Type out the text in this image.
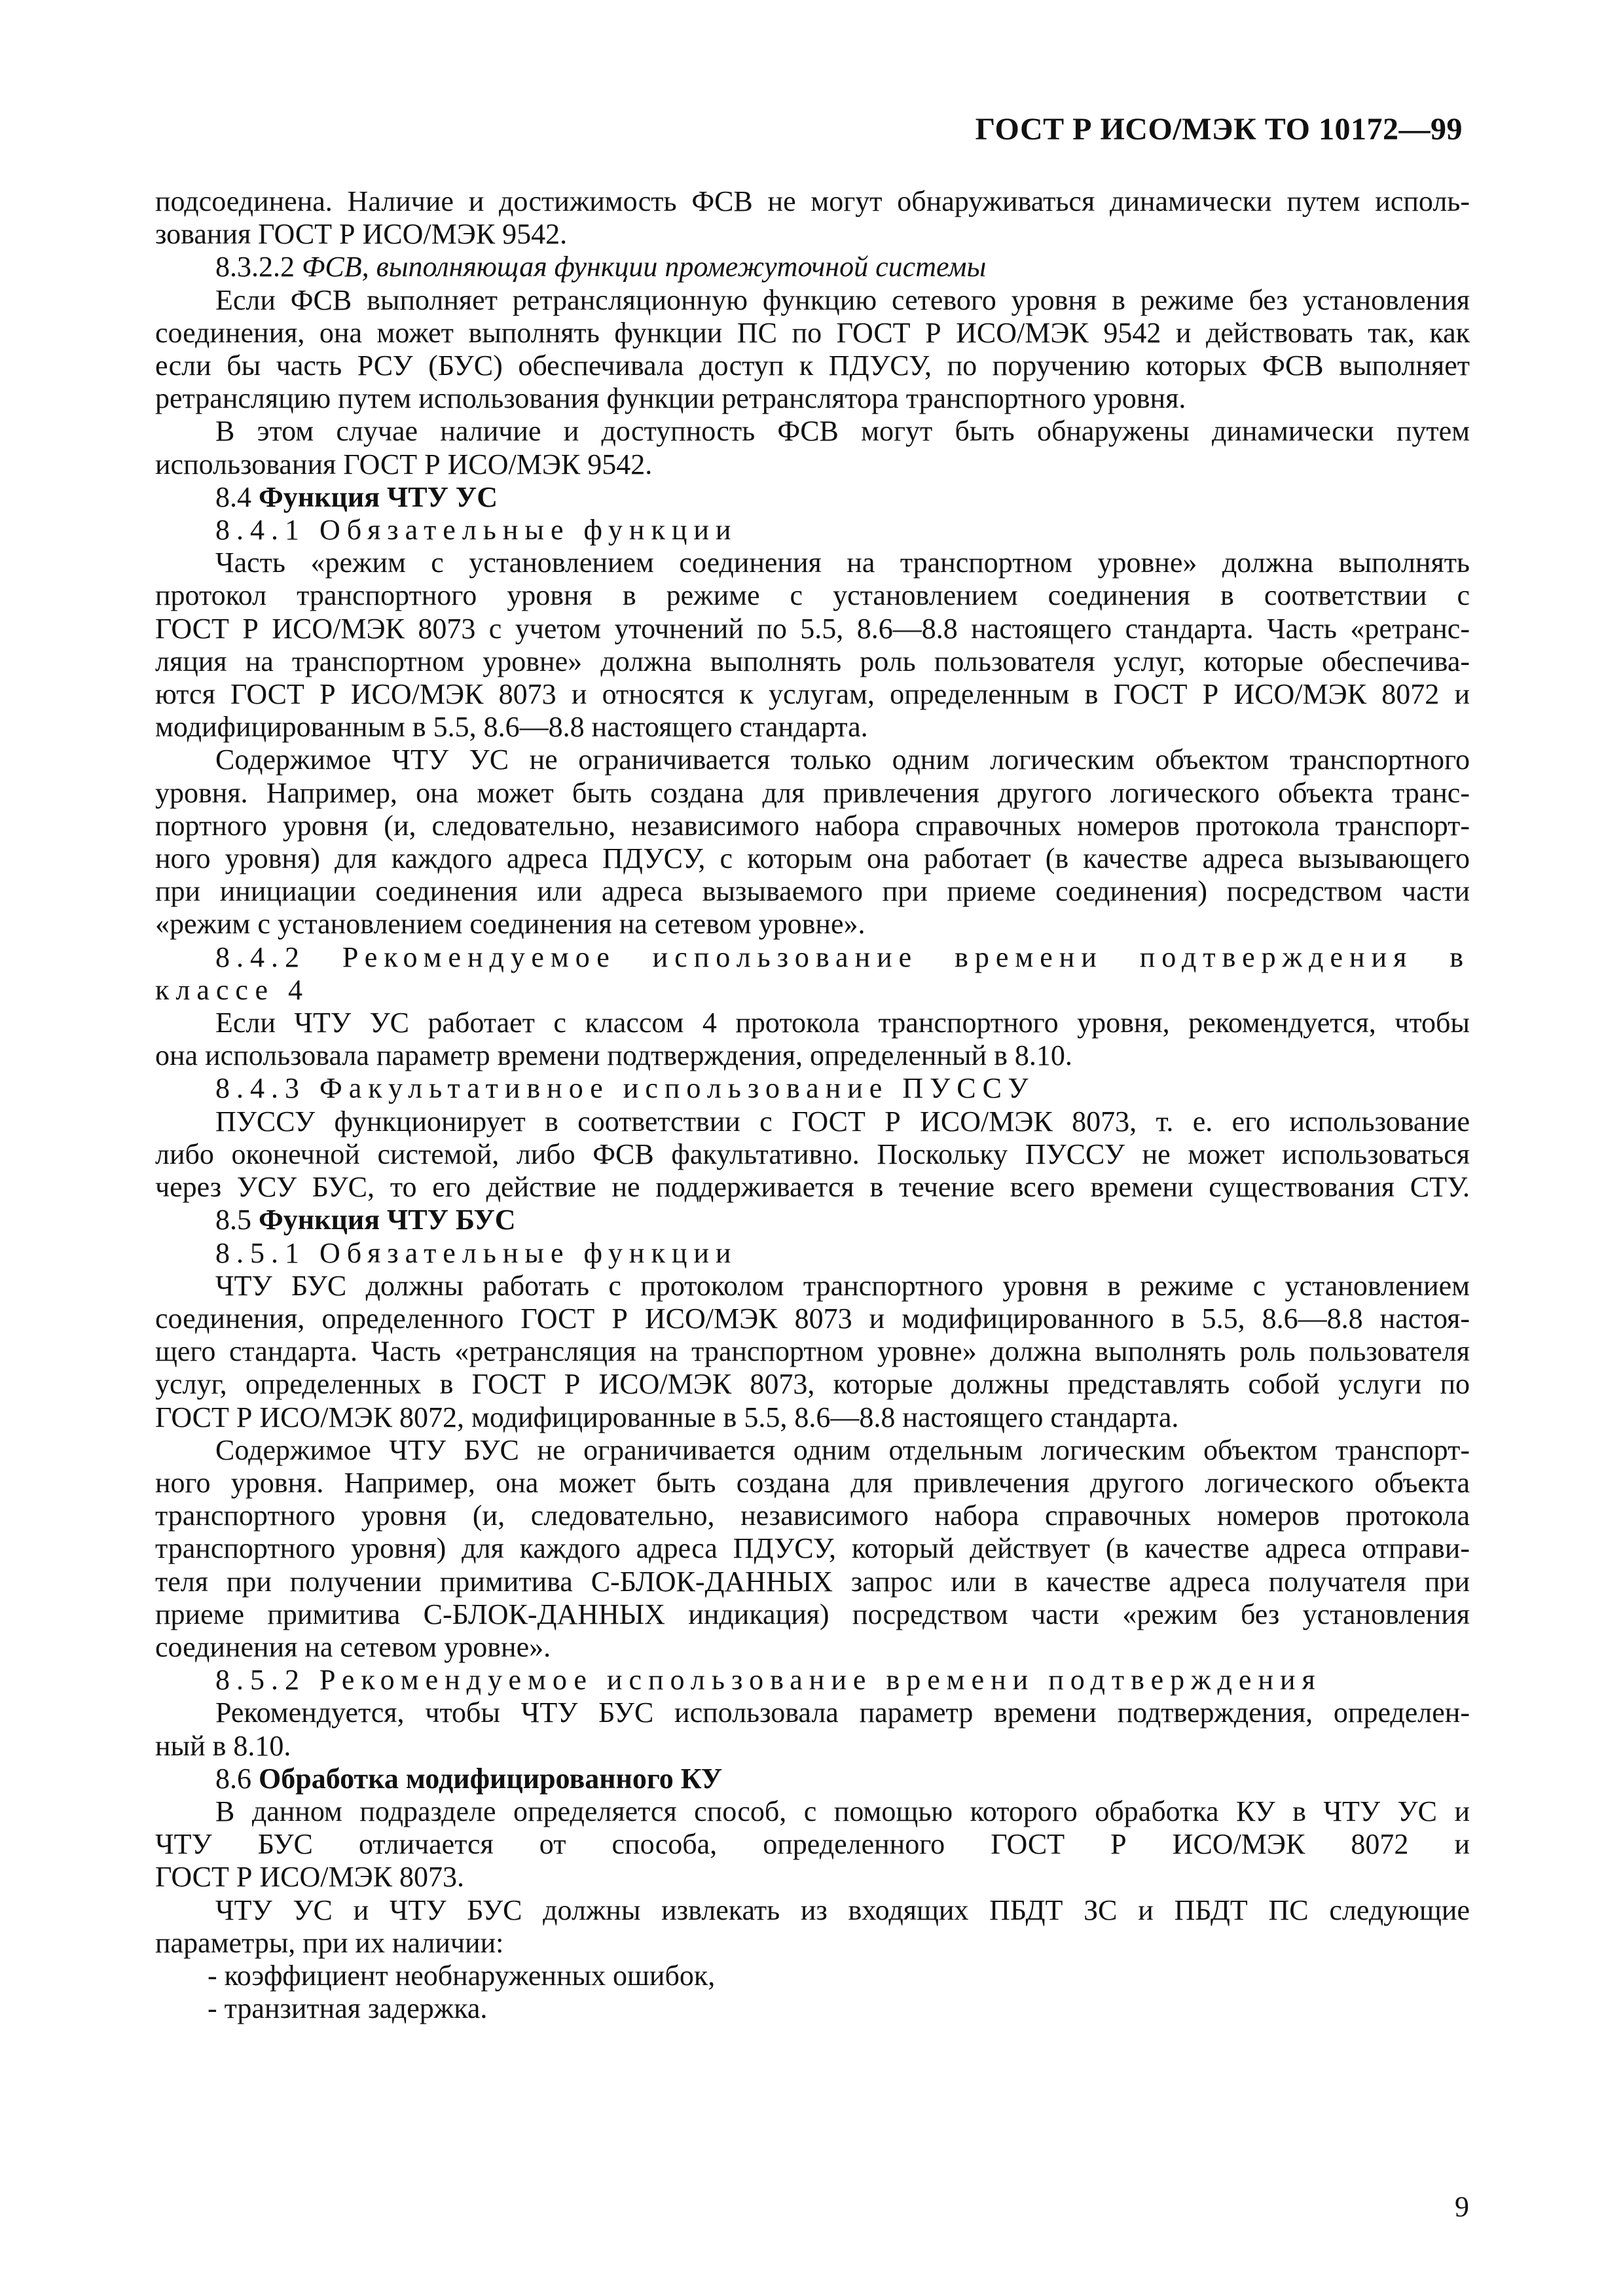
ГОСТ Р ИСО/МЭК ТО 10172—99

подсоединена. Наличие и достижимость ФСВ не могут обнаруживаться динамически путем исполь-

зования ГОСТ Р ИСО/МЭК 9542.

8.3.2.2 ФСВ, выполняющая функции промежуточной системы

Если ФСВ выполняет ретрансляционную функцию сетевого уровня в режиме без установления

соединения, она может выполнять функции ПС по ГОСТ Р ИСО/МЭК 9542 и действовать так, как

если бы часть РСУ (БУС) обеспечивала доступ к ПДУСУ, по поручению которых ФСВ выполняет

ретрансляцию путем использования функции ретранслятора транспортного уровня.

В этом случае наличие и доступность ФСВ могут быть обнаружены динамически путем

использования ГОСТ Р ИСО/МЭК 9542.

8.4 Функция ЧТУ УС

8.4.1 Обязательные функции

Часть «режим с установлением соединения на транспортном уровне» должна выполнять

протокол транспортного уровня в режиме с установлением соединения в соответствии с

ГОСТ Р ИСО/МЭК 8073 с учетом уточнений по 5.5, 8.6—8.8 настоящего стандарта. Часть «ретранс-

ляция на транспортном уровне» должна выполнять роль пользователя услуг, которые обеспечива-

ются ГОСТ Р ИСО/МЭК 8073 и относятся к услугам, определенным в ГОСТ Р ИСО/МЭК 8072 и

модифицированным в 5.5, 8.6—8.8 настоящего стандарта.

Содержимое ЧТУ УС не ограничивается только одним логическим объектом транспортного

уровня. Например, она может быть создана для привлечения другого логического объекта транс-

портного уровня (и, следовательно, независимого набора справочных номеров протокола транспорт-

ного уровня) для каждого адреса ПДУСУ, с которым она работает (в качестве адреса вызывающего

при инициации соединения или адреса вызываемого при приеме соединения) посредством части

«режим с установлением соединения на сетевом уровне».

8.4.2 Рекомендуемое использование времени подтверждения в

классе 4

Если ЧТУ УС работает с классом 4 протокола транспортного уровня, рекомендуется, чтобы

она использовала параметр времени подтверждения, определенный в 8.10.

8.4.3 Факультативное использование ПУССУ

ПУССУ функционирует в соответствии с ГОСТ Р ИСО/МЭК 8073, т. е. его использование

либо оконечной системой, либо ФСВ факультативно. Поскольку ПУССУ не может использоваться

через УСУ БУС, то его действие не поддерживается в течение всего времени существования СТУ.

8.5 Функция ЧТУ БУС

8.5.1 Обязательные функции

ЧТУ БУС должны работать с протоколом транспортного уровня в режиме с установлением

соединения, определенного ГОСТ Р ИСО/МЭК 8073 и модифицированного в 5.5, 8.6—8.8 настоя-

щего стандарта. Часть «ретрансляция на транспортном уровне» должна выполнять роль пользователя

услуг, определенных в ГОСТ Р ИСО/МЭК 8073, которые должны представлять собой услуги по

ГОСТ Р ИСО/МЭК 8072, модифицированные в 5.5, 8.6—8.8 настоящего стандарта.

Содержимое ЧТУ БУС не ограничивается одним отдельным логическим объектом транспорт-

ного уровня. Например, она может быть создана для привлечения другого логического объекта

транспортного уровня (и, следовательно, независимого набора справочных номеров протокола

транспортного уровня) для каждого адреса ПДУСУ, который действует (в качестве адреса отправи-

теля при получении примитива С-БЛОК-ДАННЫХ запрос или в качестве адреса получателя при

приеме примитива С-БЛОК-ДАННЫХ индикация) посредством части «режим без установления

соединения на сетевом уровне».

8.5.2 Рекомендуемое использование времени подтверждения

Рекомендуется, чтобы ЧТУ БУС использовала параметр времени подтверждения, определен-

ный в 8.10.

8.6 Обработка модифицированного КУ

В данном подразделе определяется способ, с помощью которого обработка КУ в ЧТУ УС и

ЧТУ БУС отличается от способа, определенного ГОСТ Р ИСО/МЭК 8072 и

ГОСТ Р ИСО/МЭК 8073.

ЧТУ УС и ЧТУ БУС должны извлекать из входящих ПБДТ ЗС и ПБДТ ПС следующие

параметры, при их наличии:

- коэффициент необнаруженных ошибок,

- транзитная задержка.

9
